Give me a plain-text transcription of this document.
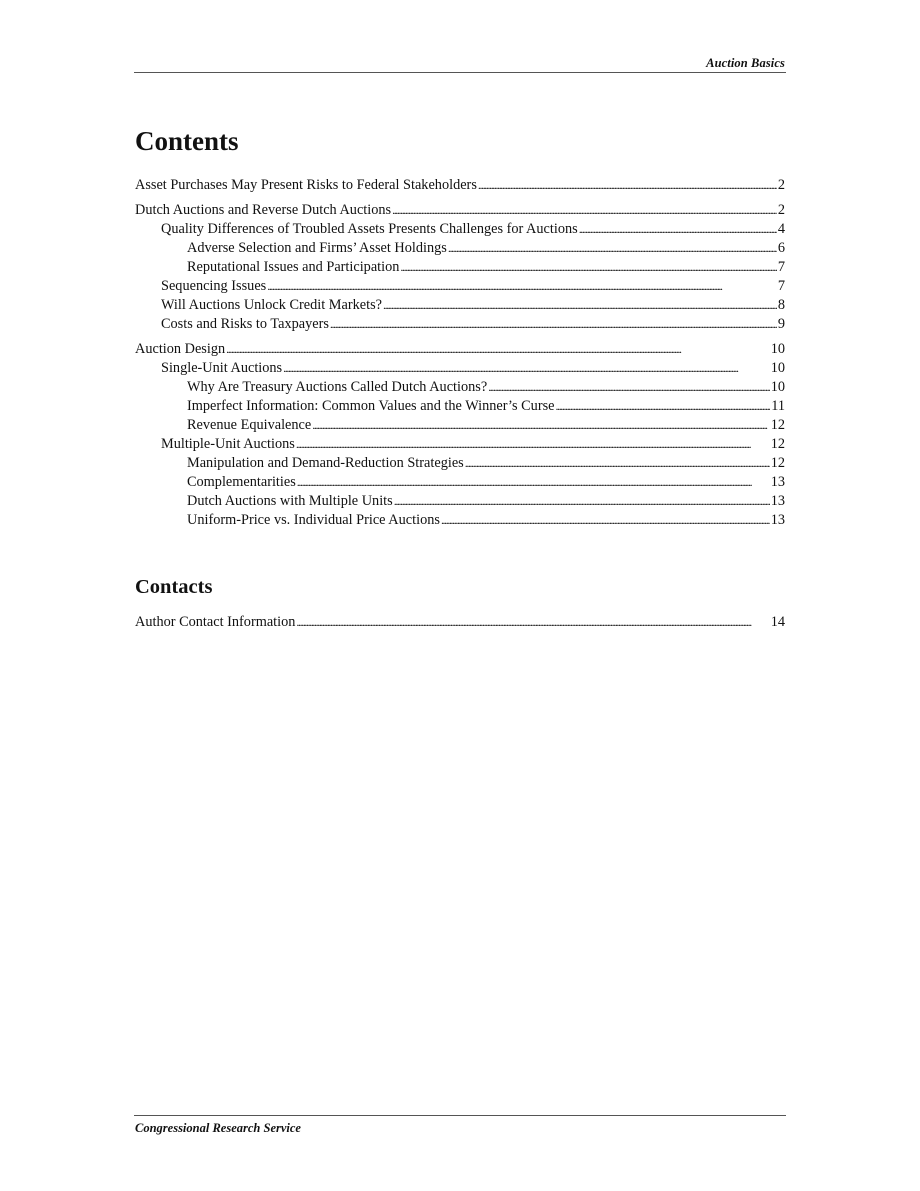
Auction Basics
Contents
Asset Purchases May Present Risks to Federal Stakeholders . . .	2
Dutch Auctions and Reverse Dutch Auctions . . .	2
Quality Differences of Troubled Assets Presents Challenges for Auctions . . .	4
Adverse Selection and Firms’ Asset Holdings . . .	6
Reputational Issues and Participation . . .	7
Sequencing Issues . . .	7
Will Auctions Unlock Credit Markets? . . .	8
Costs and Risks to Taxpayers . . .	9
Auction Design . . .	10
Single-Unit Auctions . . .	10
Why Are Treasury Auctions Called Dutch Auctions? . . .	10
Imperfect Information: Common Values and the Winner’s Curse . . .	11
Revenue Equivalence . . .	12
Multiple-Unit Auctions . . .	12
Manipulation and Demand-Reduction Strategies . . .	12
Complementarities . . .	13
Dutch Auctions with Multiple Units . . .	13
Uniform-Price vs. Individual Price Auctions . . .	13
Contacts
Author Contact Information . . .	14
Congressional Research Service
